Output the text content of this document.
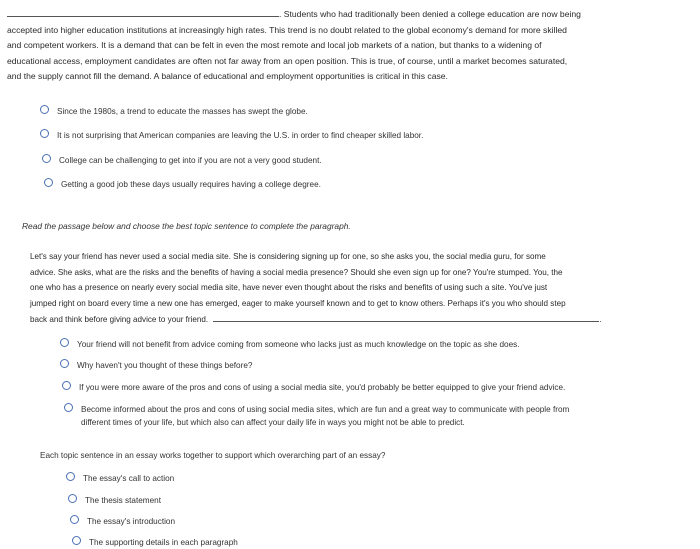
. Students who had traditionally been denied a college education are now being
accepted into higher education institutions at increasingly high rates. This trend is no doubt related to the global economy's demand for more skilled
and competent workers. It is a demand that can be felt in even the most remote and local job markets of a nation, but thanks to a widening of
educational access, employment candidates are often not far away from an open position. This is true, of course, until a market becomes saturated,
and the supply cannot fill the demand. A balance of educational and employment opportunities is critical in this case.
Since the 1980s, a trend to educate the masses has swept the globe.
It is not surprising that American companies are leaving the U.S. in order to find cheaper skilled labor.
College can be challenging to get into if you are not a very good student.
Getting a good job these days usually requires having a college degree.
Read the passage below and choose the best topic sentence to complete the paragraph.
Let's say your friend has never used a social media site. She is considering signing up for one, so she asks you, the social media guru, for some
advice. She asks, what are the risks and the benefits of having a social media presence? Should she even sign up for one? You're stumped. You, the
one who has a presence on nearly every social media site, have never even thought about the risks and benefits of using such a site. You've just
jumped right on board every time a new one has emerged, eager to make yourself known and to get to know others. Perhaps it's you who should step
back and think before giving advice to your friend.	.
Your friend will not benefit from advice coming from someone who lacks just as much knowledge on the topic as she does.
Why haven't you thought of these things before?
If you were more aware of the pros and cons of using a social media site, you'd probably be better equipped to give your friend advice.
Become informed about the pros and cons of using social media sites, which are fun and a great way to communicate with people from
different times of your life, but which also can affect your daily life in ways you might not be able to predict.
Each topic sentence in an essay works together to support which overarching part of an essay?
The essay's call to action
The thesis statement
The essay's introduction
The supporting details in each paragraph
